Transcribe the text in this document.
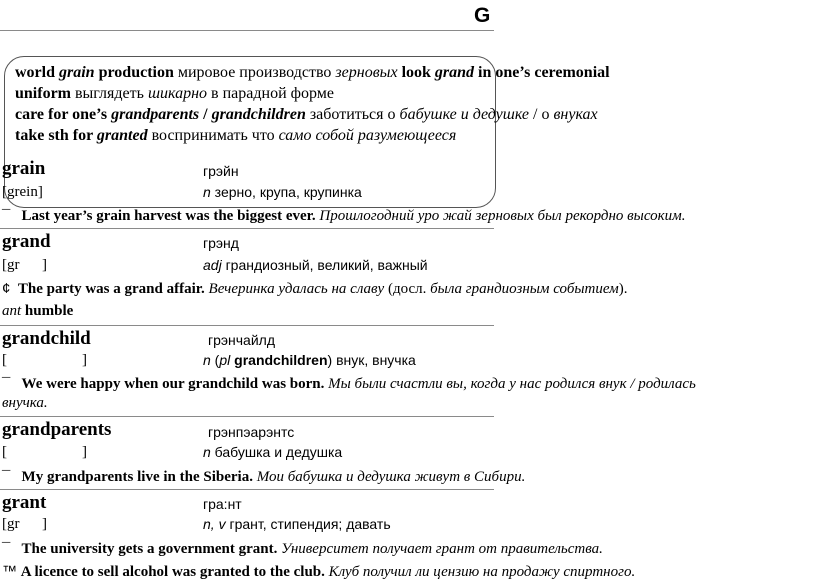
G
world grain production мировое производство зерновых look grand in one’s ceremonial
uniform выглядеть шикарно в парадной форме
care for one’s grandparents / grandchildren заботиться о бабушке и дедушке / о внуках
take sth for granted воспринимать что само собой разумеющееся
grain	грэйн
[grein]	n зерно, крупа, крупинка
¯ Last year’s grain harvest was the biggest ever. Прошлогодний уро жай зерновых был рекордно высоким.
grand	грэнд
[gr      ]	adj грандиозный, великий, важный
¢ The party was a grand affair. Вечеринка удалась на славу (досл. была грандиозным событием).
ant humble
grandchild	грэнчайлд
[                    ]	n (pl grandchildren) внук, внучка
¯ We were happy when our grandchild was born. Мы были счастли вы, когда у нас родился внук / родилась
внучка.
grandparents	грэнпэарэнтс
[                    ]	n бабушка и дедушка
¯ My grandparents live in the Siberia. Мои бабушка и дедушка живут в Сибири.
grant	гра:нт
[gr      ]	n, v грант, стипендия; давать
¯ The university gets a government grant. Университет получает грант от правительства.
™ A licence to sell alcohol was granted to the club. Клуб получил ли цензию на продажу спиртного.
